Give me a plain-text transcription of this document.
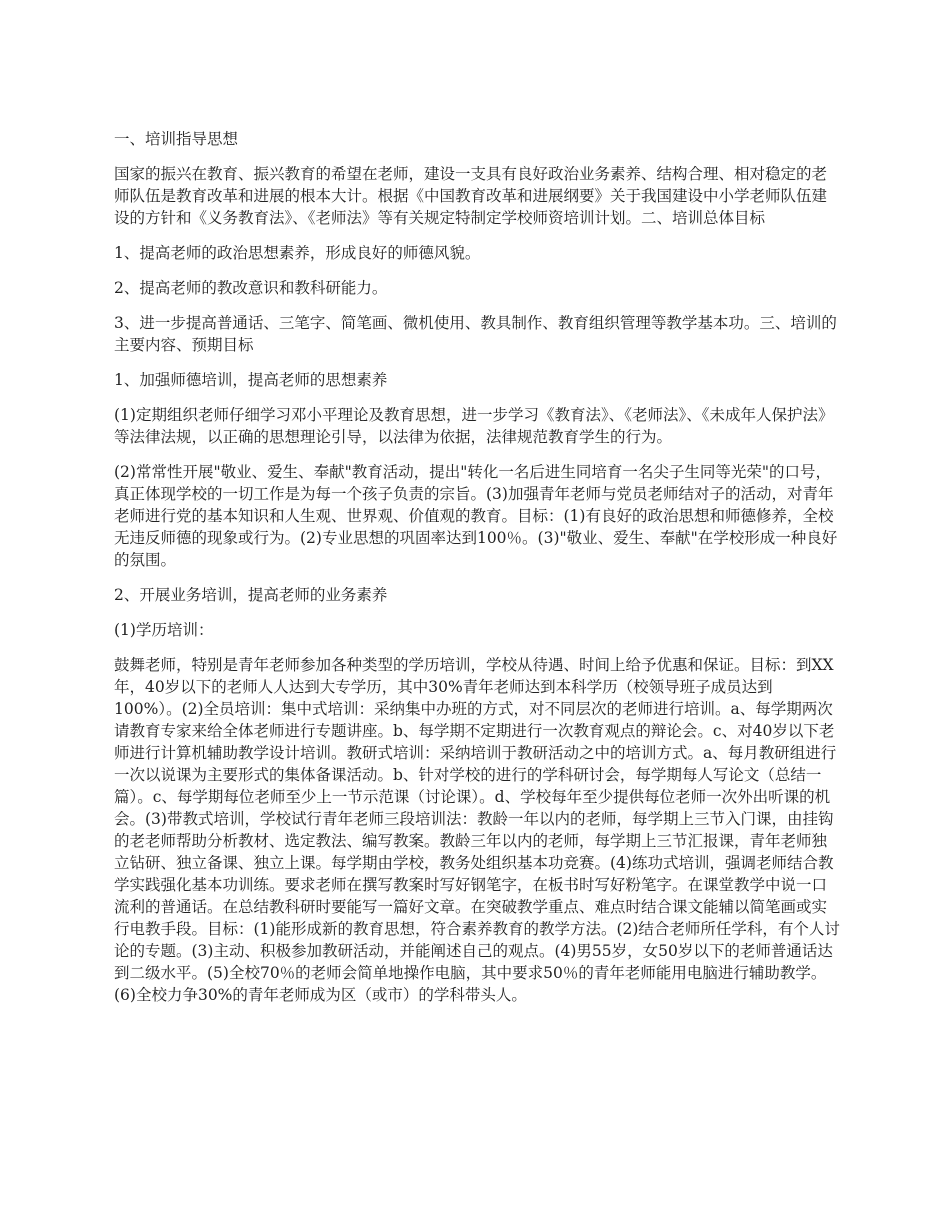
一、培训指导思想

国家的振兴在教育、振兴教育的希望在老师，建设一支具有良好政治业务素养、结构合理、相对稳定的老师队伍是教育改革和进展的根本大计。根据《中国教育改革和进展纲要》关于我国建设中小学老师队伍建设的方针和《义务教育法》、《老师法》等有关规定特制定学校师资培训计划。二、培训总体目标

1、提高老师的政治思想素养，形成良好的师德风貌。

2、提高老师的教改意识和教科研能力。

3、进一步提高普通话、三笔字、简笔画、微机使用、教具制作、教育组织管理等教学基本功。三、培训的主要内容、预期目标

1、加强师德培训，提高老师的思想素养

(1)定期组织老师仔细学习邓小平理论及教育思想，进一步学习《教育法》、《老师法》、《未成年人保护法》等法律法规，以正确的思想理论引导，以法律为依据，法律规范教育学生的行为。

(2)常常性开展"敬业、爱生、奉献"教育活动，提出"转化一名后进生同培育一名尖子生同等光荣"的口号，真正体现学校的一切工作是为每一个孩子负责的宗旨。(3)加强青年老师与党员老师结对子的活动，对青年老师进行党的基本知识和人生观、世界观、价值观的教育。目标：(1)有良好的政治思想和师德修养，全校无违反师德的现象或行为。(2)专业思想的巩固率达到100％。(3)"敬业、爱生、奉献"在学校形成一种良好的氛围。

2、开展业务培训，提高老师的业务素养

(1)学历培训：

鼓舞老师，特别是青年老师参加各种类型的学历培训，学校从待遇、时间上给予优惠和保证。目标：到XX年，40岁以下的老师人人达到大专学历，其中30%青年老师达到本科学历（校领导班子成员达到100%）。(2)全员培训：集中式培训：采纳集中办班的方式，对不同层次的老师进行培训。a、每学期两次请教育专家来给全体老师进行专题讲座。b、每学期不定期进行一次教育观点的辩论会。c、对40岁以下老师进行计算机辅助教学设计培训。教研式培训：采纳培训于教研活动之中的培训方式。a、每月教研组进行一次以说课为主要形式的集体备课活动。b、针对学校的进行的学科研讨会，每学期每人写论文（总结一篇）。c、每学期每位老师至少上一节示范课（讨论课）。d、学校每年至少提供每位老师一次外出听课的机会。(3)带教式培训，学校试行青年老师三段培训法：教龄一年以内的老师，每学期上三节入门课，由挂钩的老老师帮助分析教材、选定教法、编写教案。教龄三年以内的老师，每学期上三节汇报课，青年老师独立钻研、独立备课、独立上课。每学期由学校，教务处组织基本功竞赛。(4)练功式培训，强调老师结合教学实践强化基本功训练。要求老师在撰写教案时写好钢笔字，在板书时写好粉笔字。在课堂教学中说一口流利的普通话。在总结教科研时要能写一篇好文章。在突破教学重点、难点时结合课文能辅以简笔画或实行电教手段。目标：(1)能形成新的教育思想，符合素养教育的教学方法。(2)结合老师所任学科，有个人讨论的专题。(3)主动、积极参加教研活动，并能阐述自己的观点。(4)男55岁，女50岁以下的老师普通话达到二级水平。(5)全校70％的老师会简单地操作电脑，其中要求50％的青年老师能用电脑进行辅助教学。(6)全校力争30%的青年老师成为区（或市）的学科带头人。
